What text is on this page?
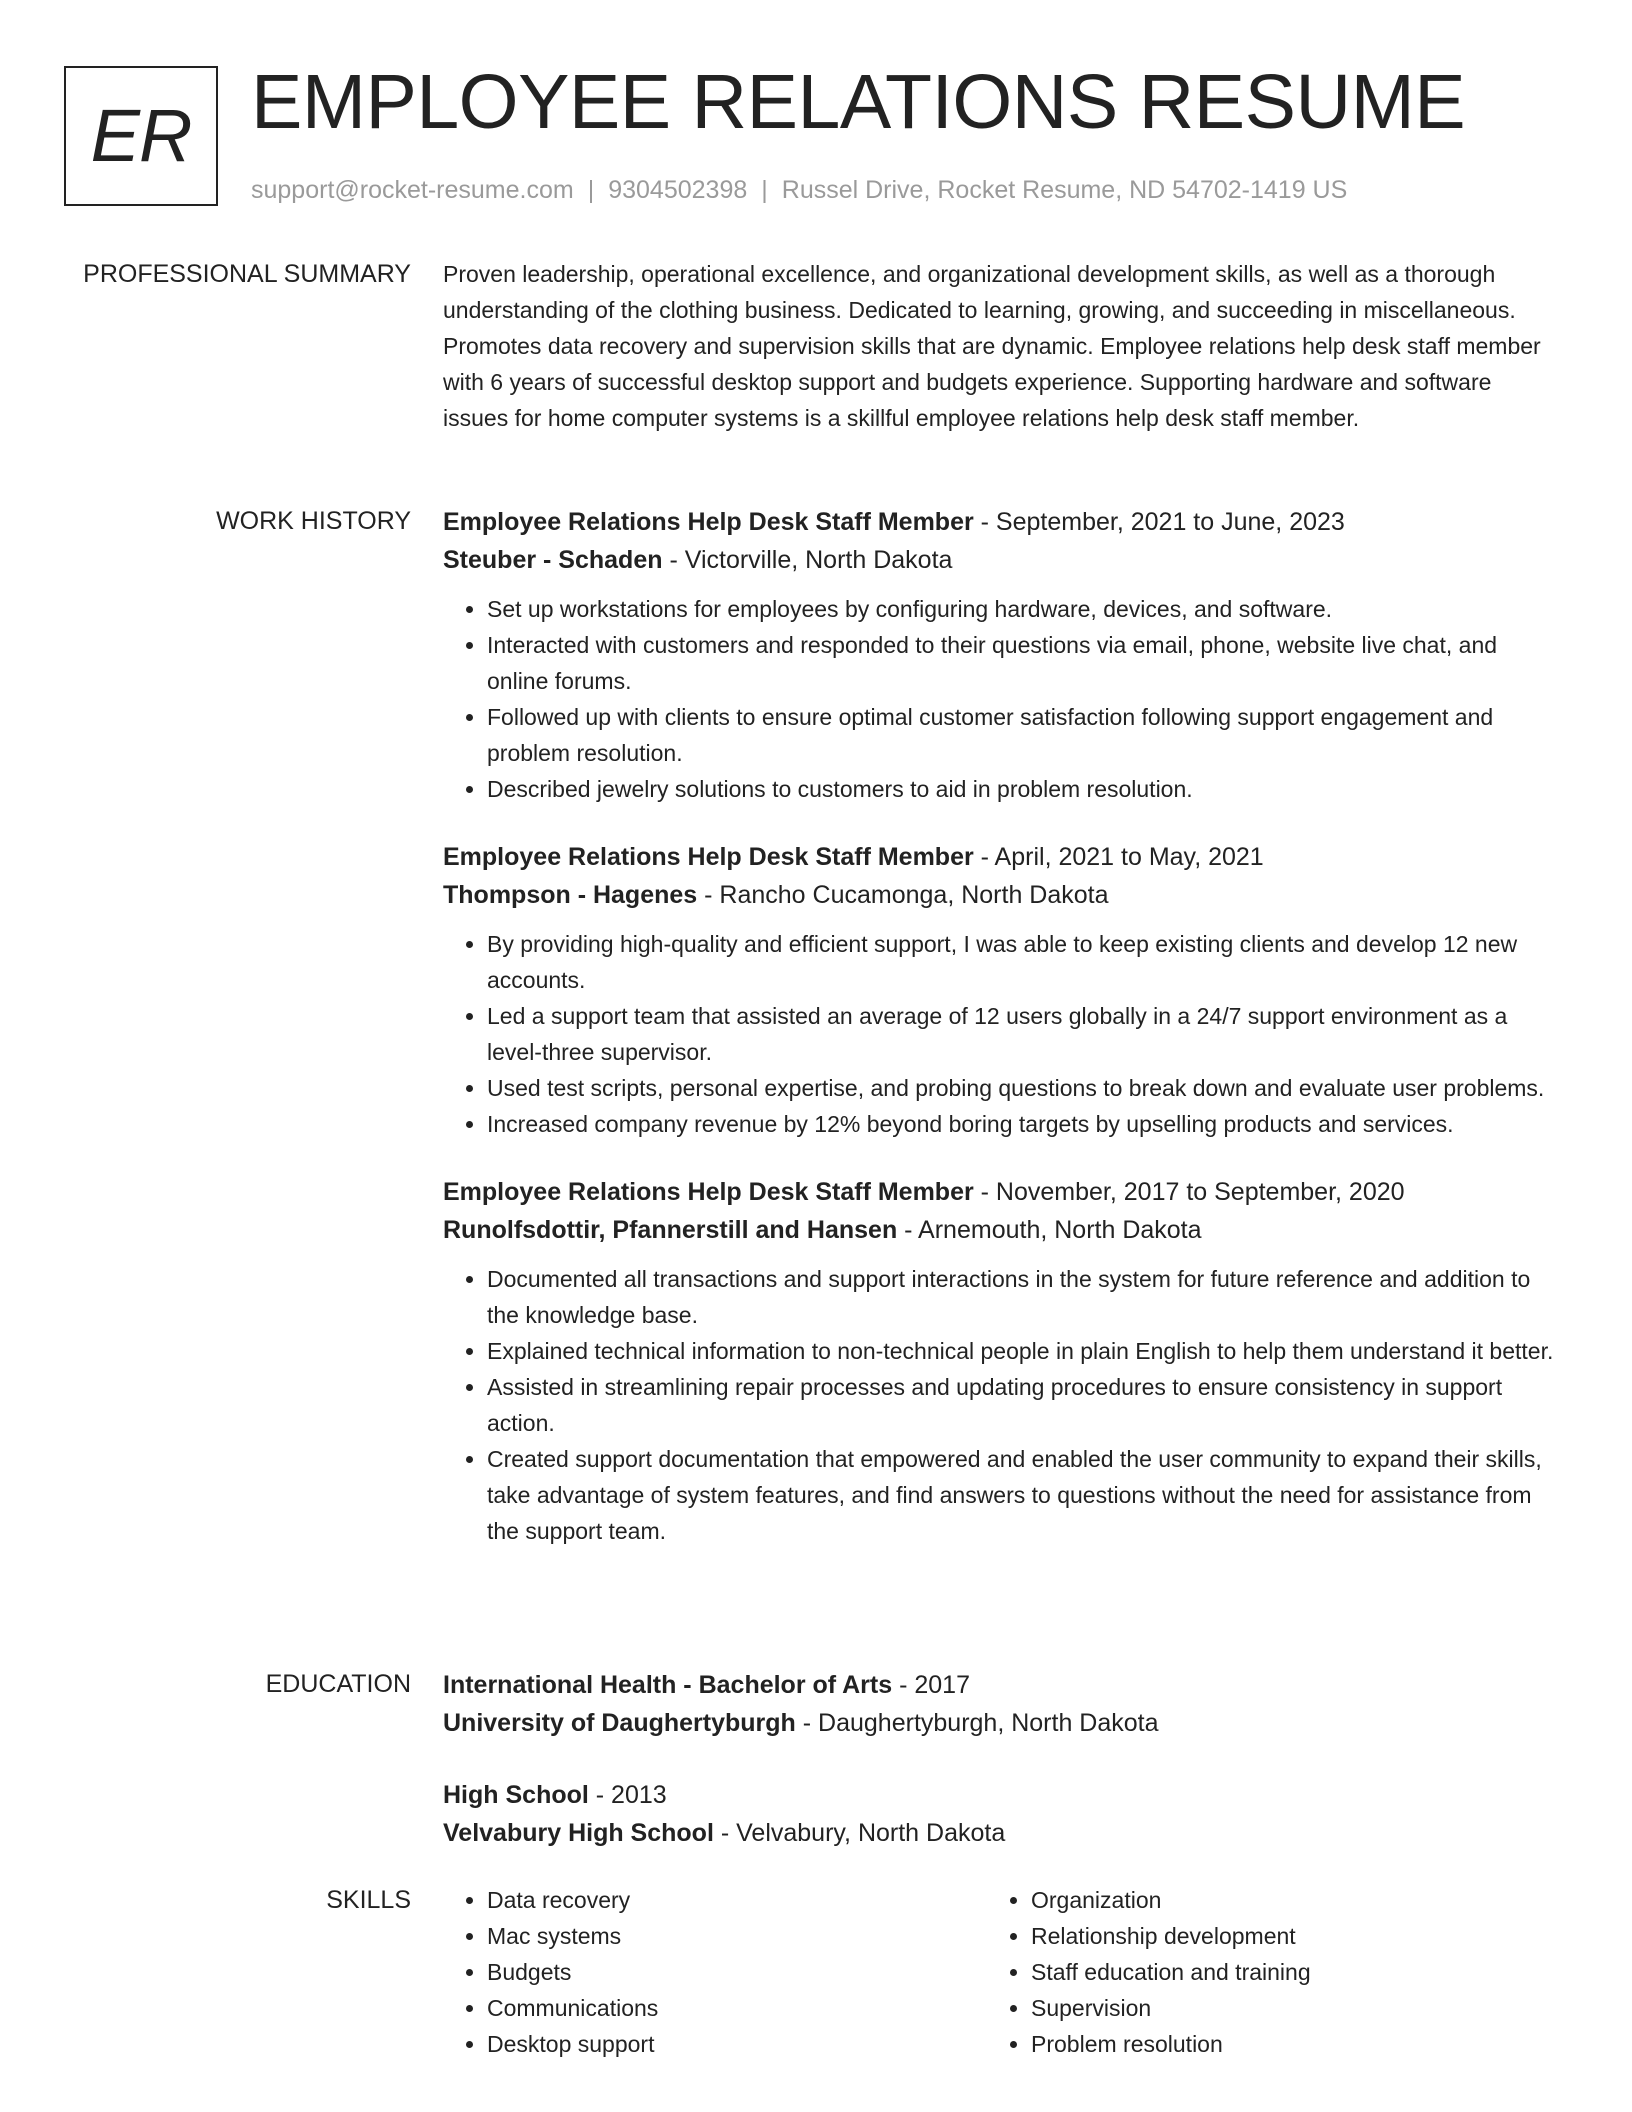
ER EMPLOYEE RELATIONS RESUME
support@rocket-resume.com | 9304502398 | Russel Drive, Rocket Resume, ND 54702-1419 US
PROFESSIONAL SUMMARY Proven leadership, operational excellence, and organizational development skills, as well as a thorough understanding of the clothing business. Dedicated to learning, growing, and succeeding in miscellaneous. Promotes data recovery and supervision skills that are dynamic. Employee relations help desk staff member with 6 years of successful desktop support and budgets experience. Supporting hardware and software issues for home computer systems is a skillful employee relations help desk staff member.

WORK HISTORY Employee Relations Help Desk Staff Member - September, 2021 to June, 2023
Steuber - Schaden - Victorville, North Dakota
• Set up workstations for employees by configuring hardware, devices, and software.
• Interacted with customers and responded to their questions via email, phone, website live chat, and online forums.
• Followed up with clients to ensure optimal customer satisfaction following support engagement and problem resolution.
• Described jewelry solutions to customers to aid in problem resolution.
Employee Relations Help Desk Staff Member - April, 2021 to May, 2021
Thompson - Hagenes - Rancho Cucamonga, North Dakota
• By providing high-quality and efficient support, I was able to keep existing clients and develop 12 new accounts.
• Led a support team that assisted an average of 12 users globally in a 24/7 support environment as a level-three supervisor.
• Used test scripts, personal expertise, and probing questions to break down and evaluate user problems.
• Increased company revenue by 12% beyond boring targets by upselling products and services.
Employee Relations Help Desk Staff Member - November, 2017 to September, 2020
Runolfsdottir, Pfannerstill and Hansen - Arnemouth, North Dakota
• Documented all transactions and support interactions in the system for future reference and addition to the knowledge base.
• Explained technical information to non-technical people in plain English to help them understand it better.
• Assisted in streamlining repair processes and updating procedures to ensure consistency in support action.
• Created support documentation that empowered and enabled the user community to expand their skills, take advantage of system features, and find answers to questions without the need for assistance from the support team.
EDUCATION International Health - Bachelor of Arts - 2017
University of Daughertyburgh - Daughertyburgh, North Dakota
High School - 2013
Velvabury High School - Velvabury, North Dakota
SKILLS
•	Data recovery
• Mac systems
• Budgets
• Communications
• Desktop support
• Organization
• Relationship development
• Staff education and training
• Supervision
• Problem resolution
